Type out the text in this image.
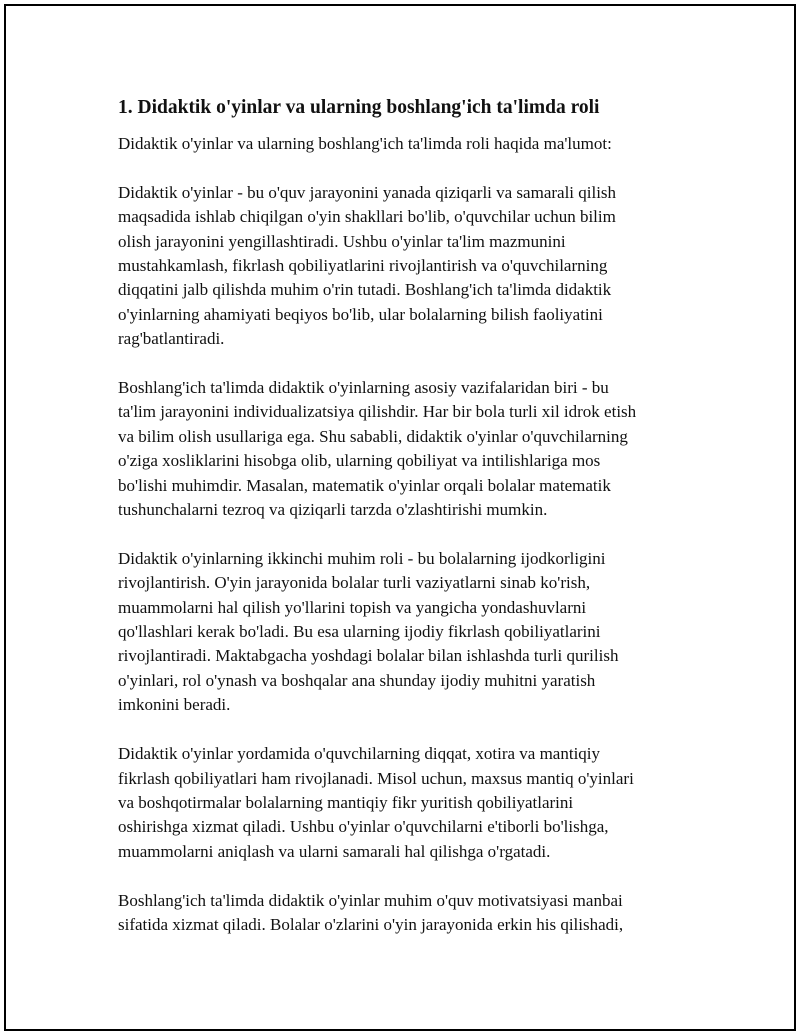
1. Didaktik o'yinlar va ularning boshlang'ich ta'limda roli

Didaktik o'yinlar va ularning boshlang'ich ta'limda roli haqida ma'lumot:

Didaktik o'yinlar - bu o'quv jarayonini yanada qiziqarli va samarali qilish
maqsadida ishlab chiqilgan o'yin shakllari bo'lib, o'quvchilar uchun bilim
olish jarayonini yengillashtiradi. Ushbu o'yinlar ta'lim mazmunini
mustahkamlash, fikrlash qobiliyatlarini rivojlantirish va o'quvchilarning
diqqatini jalb qilishda muhim o'rin tutadi. Boshlang'ich ta'limda didaktik
o'yinlarning ahamiyati beqiyos bo'lib, ular bolalarning bilish faoliyatini
rag'batlantiradi.

Boshlang'ich ta'limda didaktik o'yinlarning asosiy vazifalaridan biri - bu
ta'lim jarayonini individualizatsiya qilishdir. Har bir bola turli xil idrok etish
va bilim olish usullariga ega. Shu sababli, didaktik o'yinlar o'quvchilarning
o'ziga xosliklarini hisobga olib, ularning qobiliyat va intilishlariga mos
bo'lishi muhimdir. Masalan, matematik o'yinlar orqali bolalar matematik
tushunchalarni tezroq va qiziqarli tarzda o'zlashtirishi mumkin.

Didaktik o'yinlarning ikkinchi muhim roli - bu bolalarning ijodkorligini
rivojlantirish. O'yin jarayonida bolalar turli vaziyatlarni sinab ko'rish,
muammolarni hal qilish yo'llarini topish va yangicha yondashuvlarni
qo'llashlari kerak bo'ladi. Bu esa ularning ijodiy fikrlash qobiliyatlarini
rivojlantiradi. Maktabgacha yoshdagi bolalar bilan ishlashda turli qurilish
o'yinlari, rol o'ynash va boshqalar ana shunday ijodiy muhitni yaratish
imkonini beradi.

Didaktik o'yinlar yordamida o'quvchilarning diqqat, xotira va mantiqiy
fikrlash qobiliyatlari ham rivojlanadi. Misol uchun, maxsus mantiq o'yinlari
va boshqotirmalar bolalarning mantiqiy fikr yuritish qobiliyatlarini
oshirishga xizmat qiladi. Ushbu o'yinlar o'quvchilarni e'tiborli bo'lishga,
muammolarni aniqlash va ularni samarali hal qilishga o'rgatadi.

Boshlang'ich ta'limda didaktik o'yinlar muhim o'quv motivatsiyasi manbai
sifatida xizmat qiladi. Bolalar o'zlarini o'yin jarayonida erkin his qilishadi,
